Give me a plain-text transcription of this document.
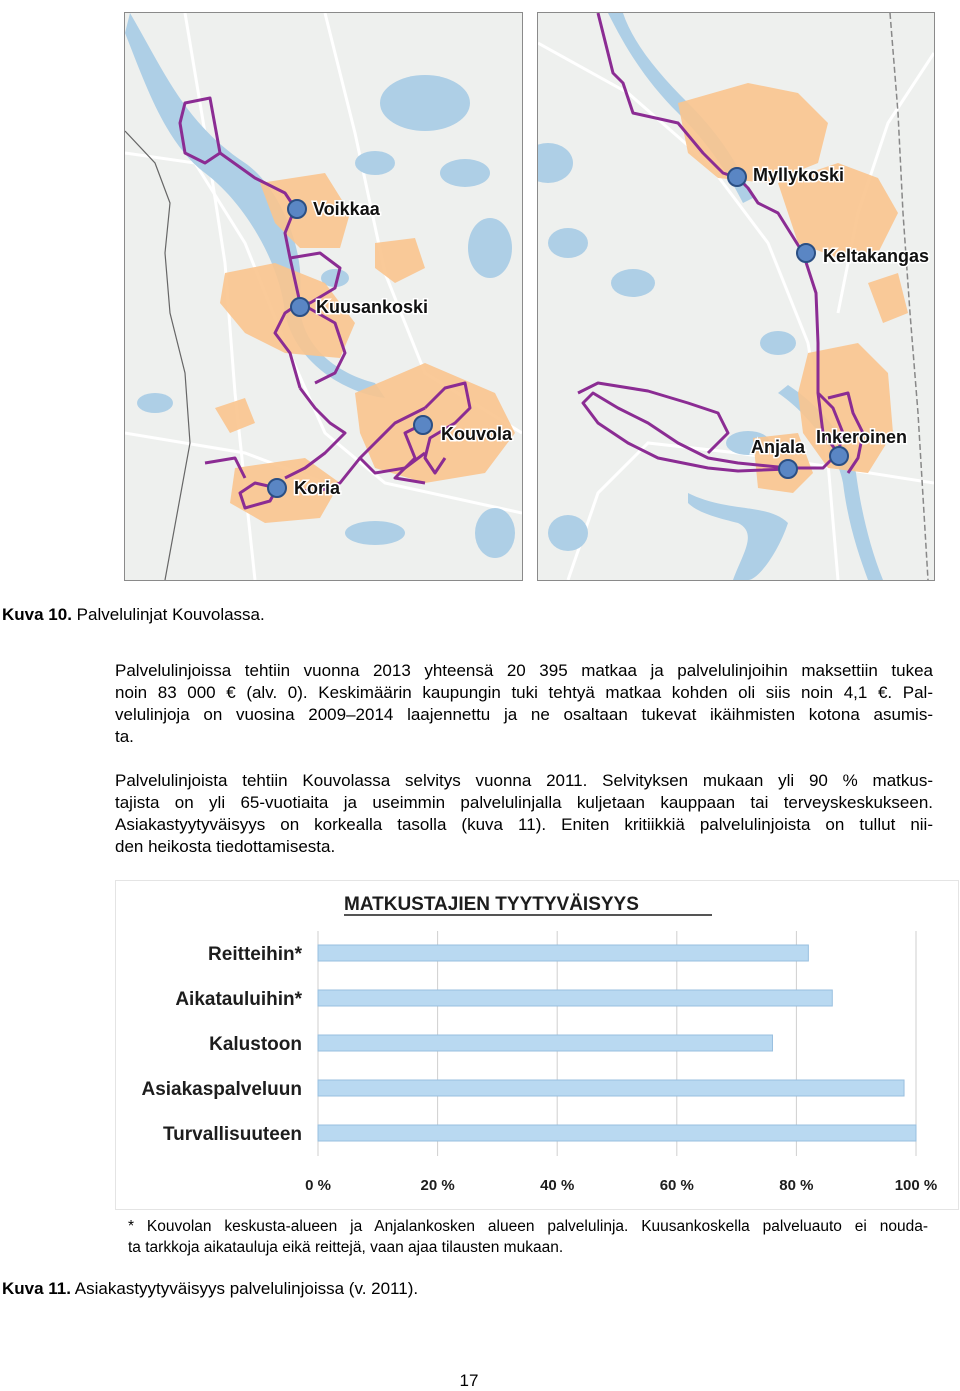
Voikkaa
Kuusankoski
Kouvola
Koria
Myllykoski
Keltakangas
Anjala Inkeroinen
Kuva 10. Palvelulinjat Kouvolassa.
Palvelulinjoissa tehtiin vuonna 2013 yhteensä 20 395 matkaa ja palvelulinjoihin maksettiin tukea
noin 83 000 € (alv. 0). Keskimäärin kaupungin tuki tehtyä matkaa kohden oli siis noin 4,1 €. Pal-
velulinjoja on vuosina 2009–2014 laajennettu ja ne osaltaan tukevat ikäihmisten kotona asumis-
ta.
Palvelulinjoista tehtiin Kouvolassa selvitys vuonna 2011. Selvityksen mukaan yli 90 % matkus-
tajista on yli 65-vuotiaita ja useimmin palvelulinjalla kuljetaan kauppaan tai terveyskeskukseen.
Asiakastyytyväisyys on korkealla tasolla (kuva 11). Eniten kritiikkiä palvelulinjoista on tullut nii-
den heikosta tiedottamisesta.
MATKUSTAJIEN TYYTYVÄISYYS
Reitteihin*
Aikatauluihin*
Kalustoon
Asiakaspalveluun
Turvallisuuteen
0 %	20 %	40 %	60 %	80 %	100 %
* Kouvolan keskusta-alueen ja Anjalankosken alueen palvelulinja. Kuusankoskella palveluauto ei nouda-
ta tarkkoja aikatauluja eikä reittejä, vaan ajaa tilausten mukaan.
Kuva 11. Asiakastyytyväisyys palvelulinjoissa (v. 2011).
17
